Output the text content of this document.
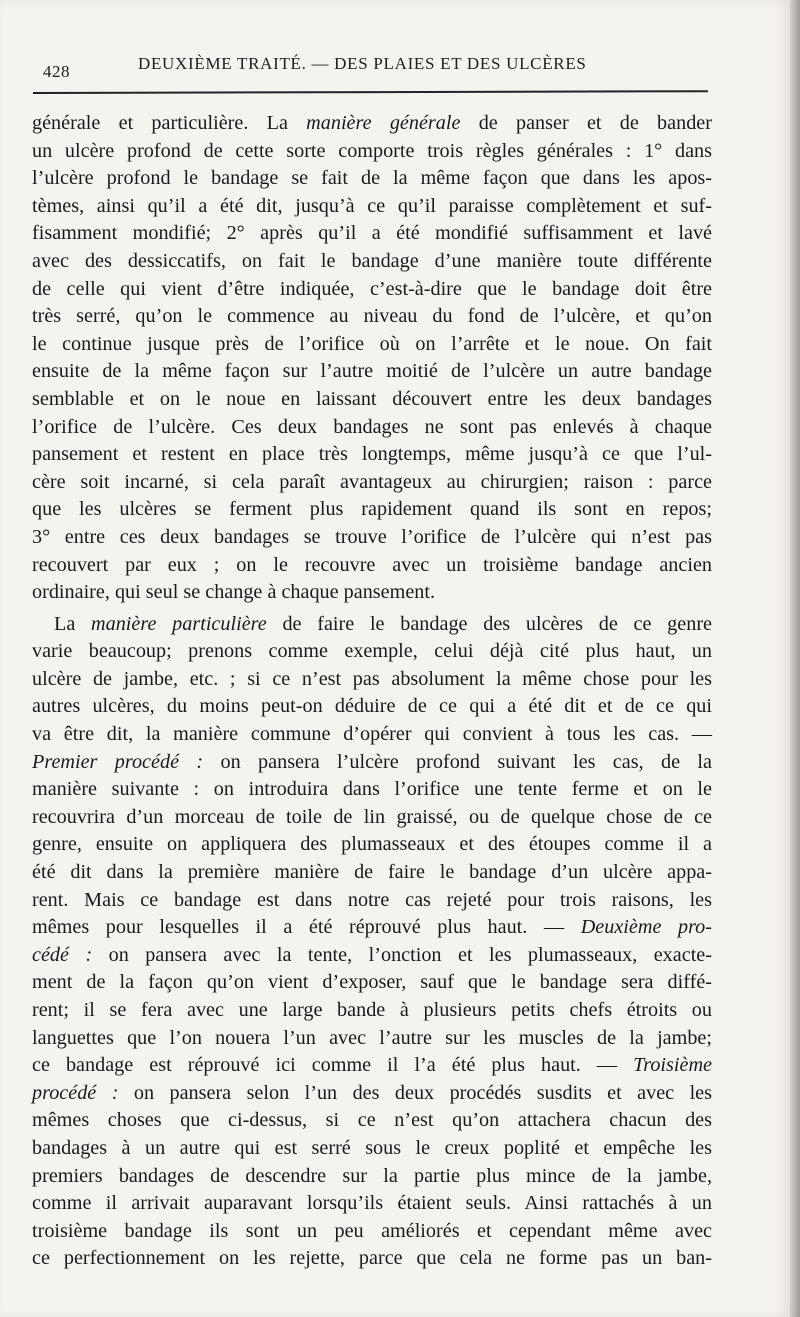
428	DEUXIÈME TRAITÉ. — DES PLAIES ET DES ULCÈRES
générale et particulière. La manière générale de panser et de bander
un ulcère profond de cette sorte comporte trois règles générales : 1° dans
l’ulcère profond le bandage se fait de la même façon que dans les apos-
tèmes, ainsi qu’il a été dit, jusqu’à ce qu’il paraisse complètement et suf-
fisamment mondifié; 2° après qu’il a été mondifié suffisamment et lavé
avec des dessiccatifs, on fait le bandage d’une manière toute différente
de celle qui vient d’être indiquée, c’est-à-dire que le bandage doit être
très serré, qu’on le commence au niveau du fond de l’ulcère, et qu’on
le continue jusque près de l’orifice où on l’arrête et le noue. On fait
ensuite de la même façon sur l’autre moitié de l’ulcère un autre bandage
semblable et on le noue en laissant découvert entre les deux bandages
l’orifice de l’ulcère. Ces deux bandages ne sont pas enlevés à chaque
pansement et restent en place très longtemps, même jusqu’à ce que l’ul-
cère soit incarné, si cela paraît avantageux au chirurgien; raison : parce
que les ulcères se ferment plus rapidement quand ils sont en repos;
3° entre ces deux bandages se trouve l’orifice de l’ulcère qui n’est pas
recouvert par eux ; on le recouvre avec un troisième bandage ancien
ordinaire, qui seul se change à chaque pansement.
La manière particulière de faire le bandage des ulcères de ce genre
varie beaucoup; prenons comme exemple, celui déjà cité plus haut, un
ulcère de jambe, etc. ; si ce n’est pas absolument la même chose pour les
autres ulcères, du moins peut-on déduire de ce qui a été dit et de ce qui
va être dit, la manière commune d’opérer qui convient à tous les cas. —
Premier procédé : on pansera l’ulcère profond suivant les cas, de la
manière suivante : on introduira dans l’orifice une tente ferme et on le
recouvrira d’un morceau de toile de lin graissé, ou de quelque chose de ce
genre, ensuite on appliquera des plumasseaux et des étoupes comme il a
été dit dans la première manière de faire le bandage d’un ulcère appa-
rent. Mais ce bandage est dans notre cas rejeté pour trois raisons, les
mêmes pour lesquelles il a été réprouvé plus haut. — Deuxième pro-
cédé : on pansera avec la tente, l’onction et les plumasseaux, exacte-
ment de la façon qu’on vient d’exposer, sauf que le bandage sera diffé-
rent; il se fera avec une large bande à plusieurs petits chefs étroits ou
languettes que l’on nouera l’un avec l’autre sur les muscles de la jambe;
ce bandage est réprouvé ici comme il l’a été plus haut. — Troisième
procédé : on pansera selon l’un des deux procédés susdits et avec les
mêmes choses que ci-dessus, si ce n’est qu’on attachera chacun des
bandages à un autre qui est serré sous le creux poplité et empêche les
premiers bandages de descendre sur la partie plus mince de la jambe,
comme il arrivait auparavant lorsqu’ils étaient seuls. Ainsi rattachés à un
troisième bandage ils sont un peu améliorés et cependant même avec
ce perfectionnement on les rejette, parce que cela ne forme pas un ban-
